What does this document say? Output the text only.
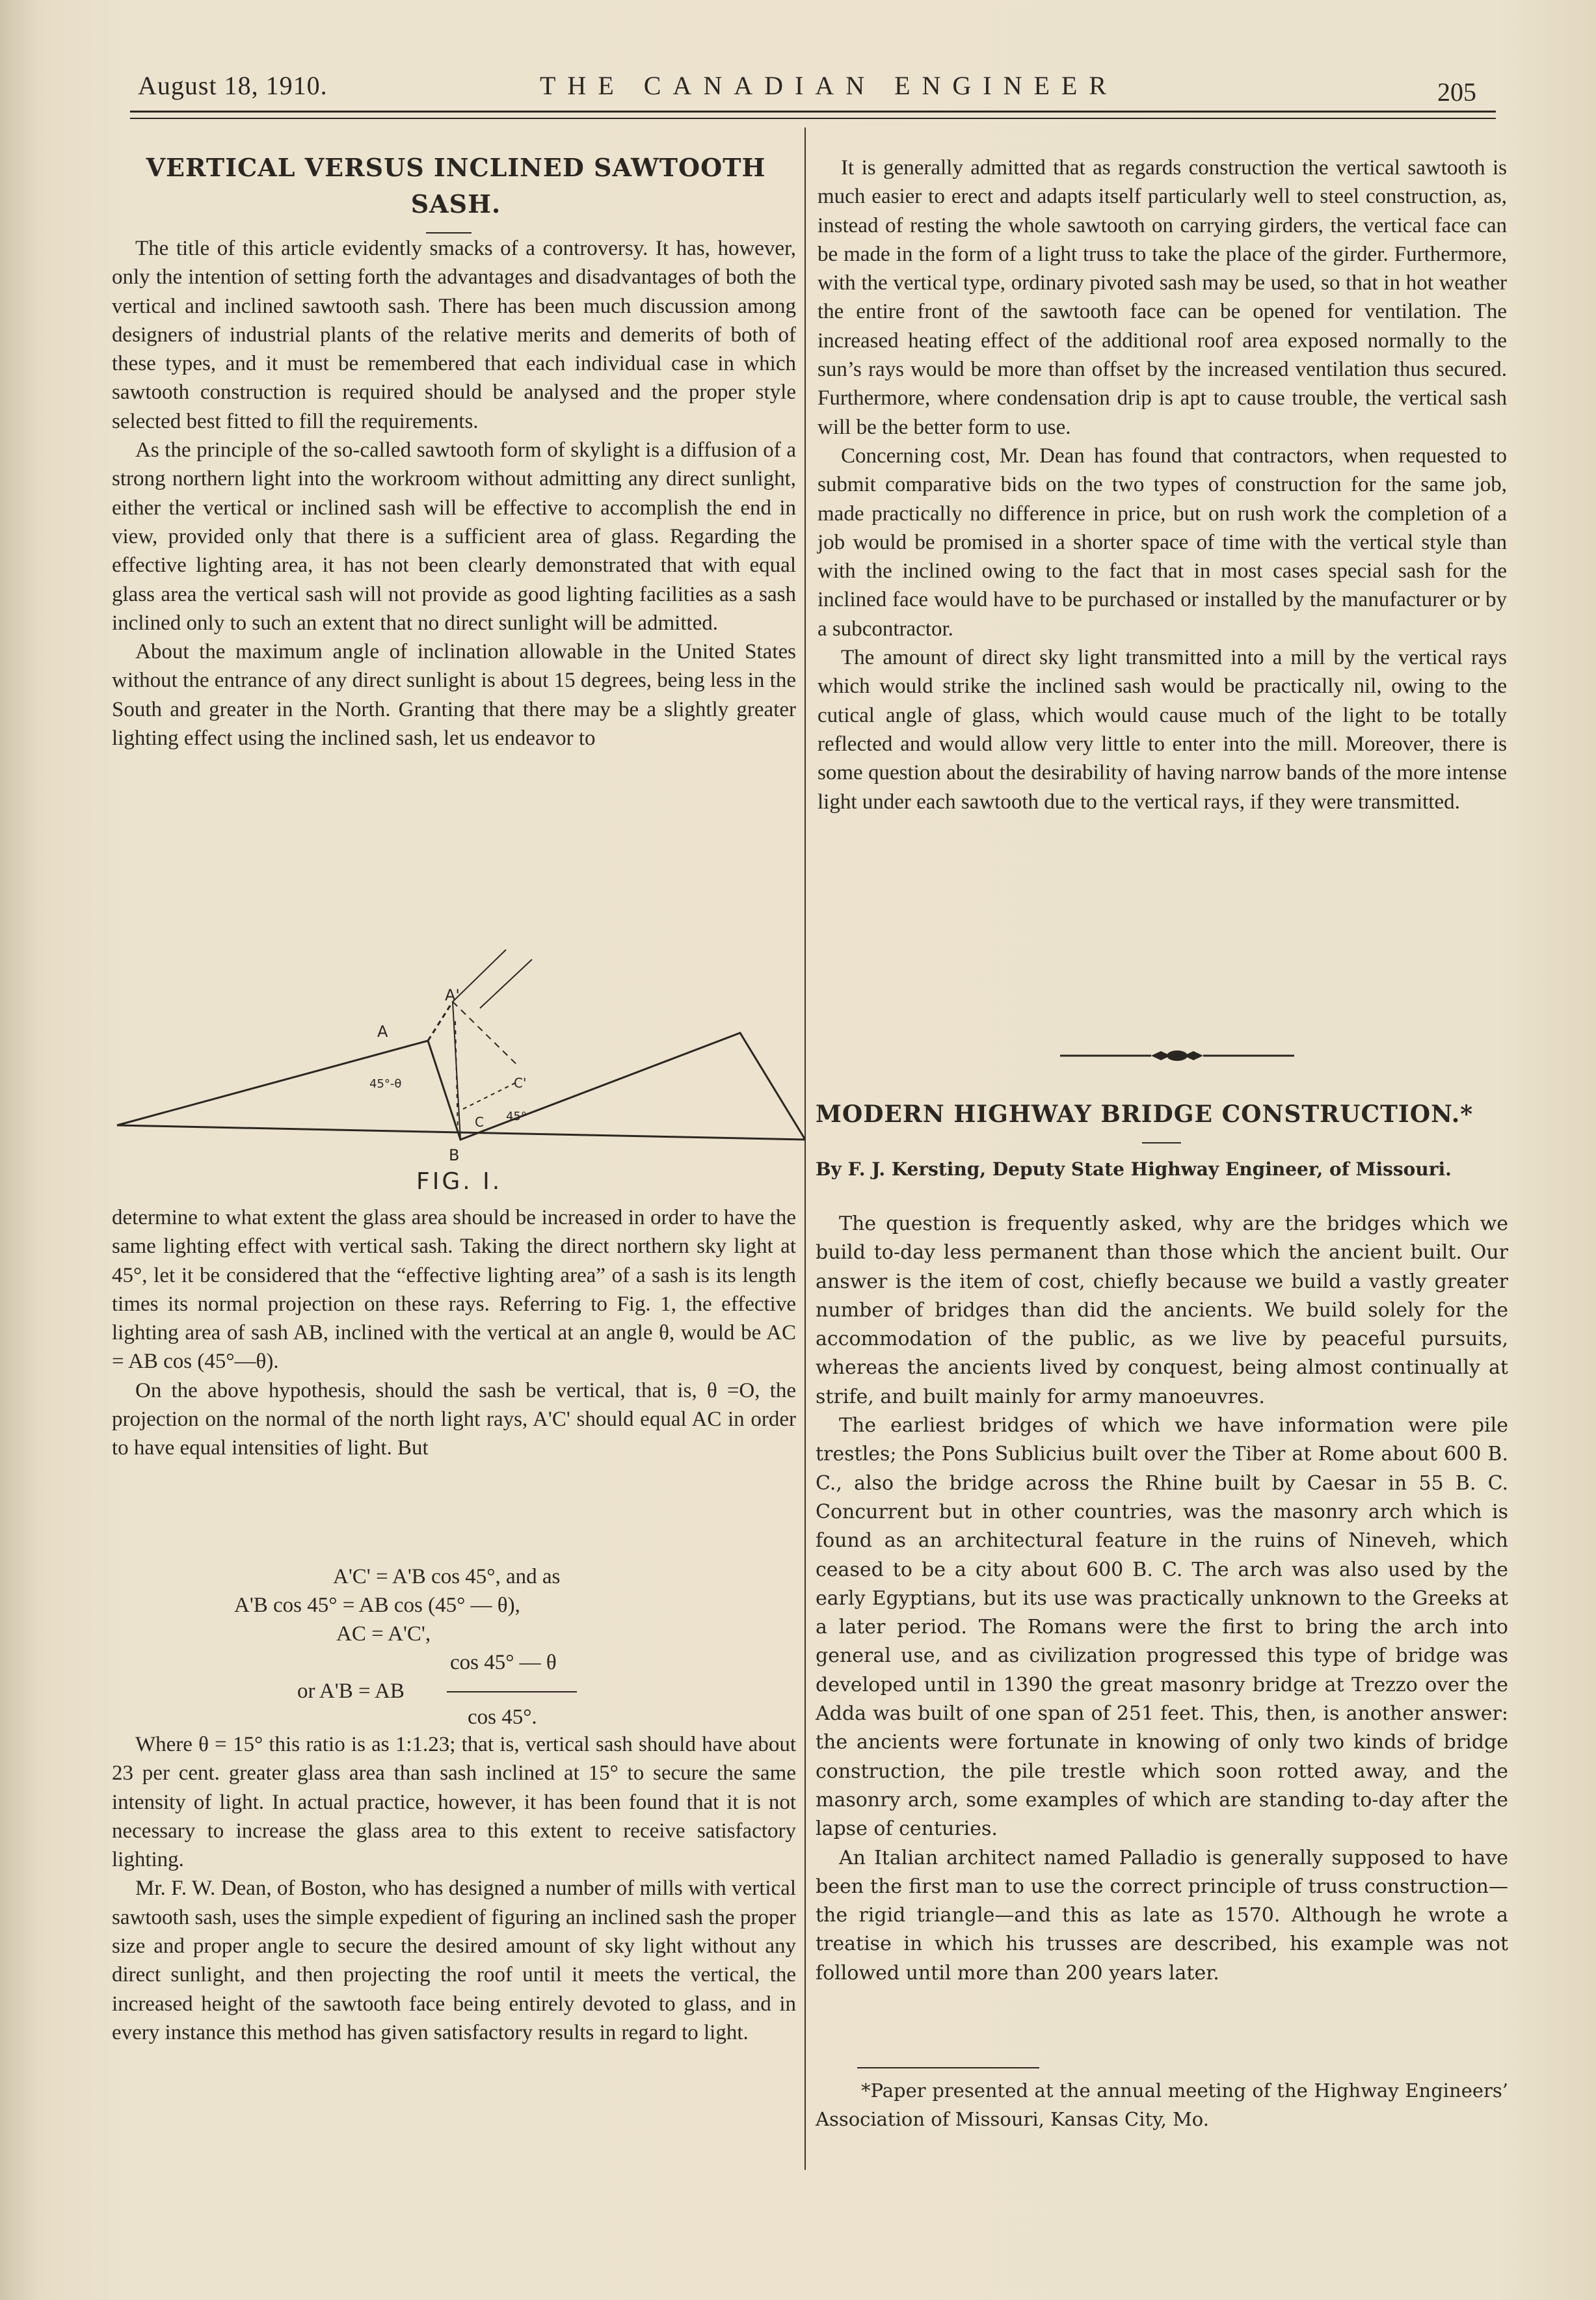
August 18, 1910.	THE CANADIAN ENGINEER	205
VERTICAL VERSUS INCLINED SAWTOOTH SASH.

The title of this article evidently smacks of a controversy. It has, however, only the intention of setting forth the advantages and disadvantages of both the vertical and inclined sawtooth sash. There has been much discussion among designers of industrial plants of the relative merits and demerits of both of these types, and it must be remembered that each individual case in which sawtooth construction is required should be analysed and the proper style selected best fitted to fill the requirements.

As the principle of the so-called sawtooth form of skylight is a diffusion of a strong northern light into the workroom without admitting any direct sunlight, either the vertical or inclined sash will be effective to accomplish the end in view, provided only that there is a sufficient area of glass. Regarding the effective lighting area, it has not been clearly demonstrated that with equal glass area the vertical sash will not provide as good lighting facilities as a sash inclined only to such an extent that no direct sunlight will be admitted.

About the maximum angle of inclination allowable in the United States without the entrance of any direct sunlight is about 15 degrees, being less in the South and greater in the North. Granting that there may be a slightly greater lighting effect using the inclined sash, let us endeavor to

A
A'
B
C
C'
45°-θ
45°
FIG. I.

determine to what extent the glass area should be increased in order to have the same lighting effect with vertical sash. Taking the direct northern sky light at 45°, let it be considered that the “effective lighting area” of a sash is its length times its normal projection on these rays. Referring to Fig. 1, the effective lighting area of sash AB, inclined with the vertical at an angle θ, would be AC = AB cos (45°—θ).

On the above hypothesis, should the sash be vertical, that is, θ =O, the projection on the normal of the north light rays, A'C' should equal AC in order to have equal intensities of light. But

A'C' = A'B cos 45°, and as
A'B cos 45° = AB cos (45° — θ),
AC = A'C',
cos 45° — θ
or A'B = AB
cos 45°.

Where θ = 15° this ratio is as 1:1.23; that is, vertical sash should have about 23 per cent. greater glass area than sash inclined at 15° to secure the same intensity of light. In actual practice, however, it has been found that it is not necessary to increase the glass area to this extent to receive satisfactory lighting.

Mr. F. W. Dean, of Boston, who has designed a number of mills with vertical sawtooth sash, uses the simple expedient of figuring an inclined sash the proper size and proper angle to secure the desired amount of sky light without any direct sunlight, and then projecting the roof until it meets the vertical, the increased height of the sawtooth face being entirely devoted to glass, and in every instance this method has given satisfactory results in regard to light.

It is generally admitted that as regards construction the vertical sawtooth is much easier to erect and adapts itself particularly well to steel construction, as, instead of resting the whole sawtooth on carrying girders, the vertical face can be made in the form of a light truss to take the place of the girder. Furthermore, with the vertical type, ordinary pivoted sash may be used, so that in hot weather the entire front of the sawtooth face can be opened for ventilation. The increased heating effect of the additional roof area exposed normally to the sun’s rays would be more than offset by the increased ventilation thus secured. Furthermore, where condensation drip is apt to cause trouble, the vertical sash will be the better form to use.

Concerning cost, Mr. Dean has found that contractors, when requested to submit comparative bids on the two types of construction for the same job, made practically no difference in price, but on rush work the completion of a job would be promised in a shorter space of time with the vertical style than with the inclined owing to the fact that in most cases special sash for the inclined face would have to be purchased or installed by the manufacturer or by a subcontractor.

The amount of direct sky light transmitted into a mill by the vertical rays which would strike the inclined sash would be practically nil, owing to the cutical angle of glass, which would cause much of the light to be totally reflected and would allow very little to enter into the mill. Moreover, there is some question about the desirability of having narrow bands of the more intense light under each sawtooth due to the vertical rays, if they were transmitted.

MODERN HIGHWAY BRIDGE CONSTRUCTION.*
By F. J. Kersting, Deputy State Highway Engineer, of Missouri.

The question is frequently asked, why are the bridges which we build to-day less permanent than those which the ancient built. Our answer is the item of cost, chiefly because we build a vastly greater number of bridges than did the ancients. We build solely for the accommodation of the public, as we live by peaceful pursuits, whereas the ancients lived by conquest, being almost continually at strife, and built mainly for army manoeuvres.

The earliest bridges of which we have information were pile trestles; the Pons Sublicius built over the Tiber at Rome about 600 B. C., also the bridge across the Rhine built by Caesar in 55 B. C. Concurrent but in other countries, was the masonry arch which is found as an architectural feature in the ruins of Nineveh, which ceased to be a city about 600 B. C. The arch was also used by the early Egyptians, but its use was practically unknown to the Greeks at a later period. The Romans were the first to bring the arch into general use, and as civilization progressed this type of bridge was developed until in 1390 the great masonry bridge at Trezzo over the Adda was built of one span of 251 feet. This, then, is another answer: the ancients were fortunate in knowing of only two kinds of bridge construction, the pile trestle which soon rotted away, and the masonry arch, some examples of which are standing to-day after the lapse of centuries.

An Italian architect named Palladio is generally supposed to have been the first man to use the correct principle of truss construction—the rigid triangle—and this as late as 1570. Although he wrote a treatise in which his trusses are described, his example was not followed until more than 200 years later.

*Paper presented at the annual meeting of the Highway Engineers’ Association of Missouri, Kansas City, Mo.
